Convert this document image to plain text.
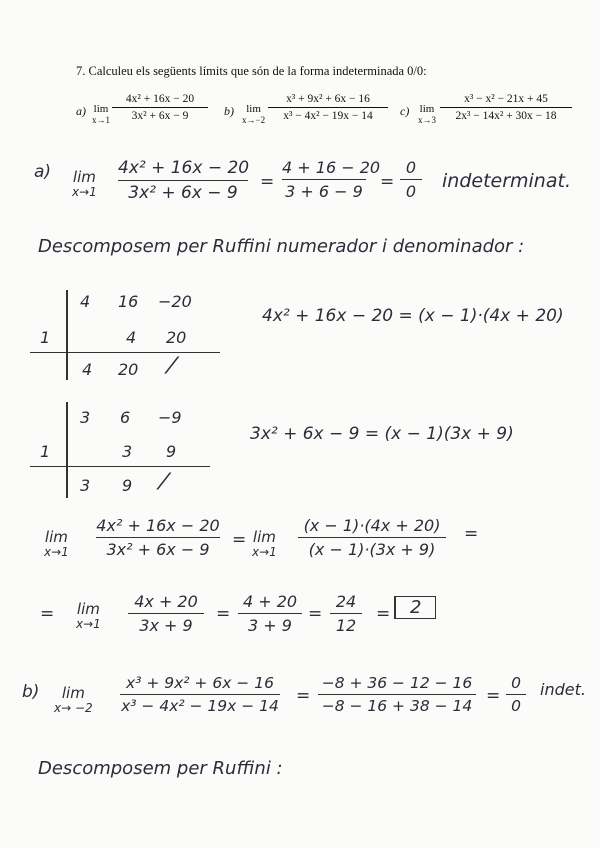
7. Calculeu els següents límits que són de la forma indeterminada 0/0:
a) lim
x→1
4x² + 16x − 20
3x² + 6x − 9	b)	lim
x→−2
x³ + 9x² + 6x − 16
x³ − 4x² − 19x − 14	c) lim
x→3
x³ − x² − 21x + 45
2x³ − 14x² + 30x − 18
a) lim
x→1
4x² + 16x − 20
3x² + 6x − 9
=
4 + 16 − 20
3 + 6 − 9 =
0
0	indeterminat.
Descomposem per Ruffini numerador i denominador :
1
4 16 −20
4 20
4 20 ⁄
4x² + 16x − 20 = (x − 1)·(4x + 20)
1
3 6 −9
3 9
3 9 ⁄
3x² + 6x − 9 = (x − 1)(3x + 9)
lim
x→1
4x² + 16x − 20
3x² + 6x − 9	= lim
x→1
(x − 1)·(4x + 20)
(x − 1)·(3x + 9)
=
= lim
x→1
4x + 20
3x + 9
=
4 + 20
3 + 9
=
24
12
=	2
b)	lim
x→ −2
x³ + 9x² + 6x − 16
x³ − 4x² − 19x − 14 =
−8 + 36 − 12 − 16
−8 − 16 + 38 − 14 =
0
0
indet.
Descomposem per Ruffini :
